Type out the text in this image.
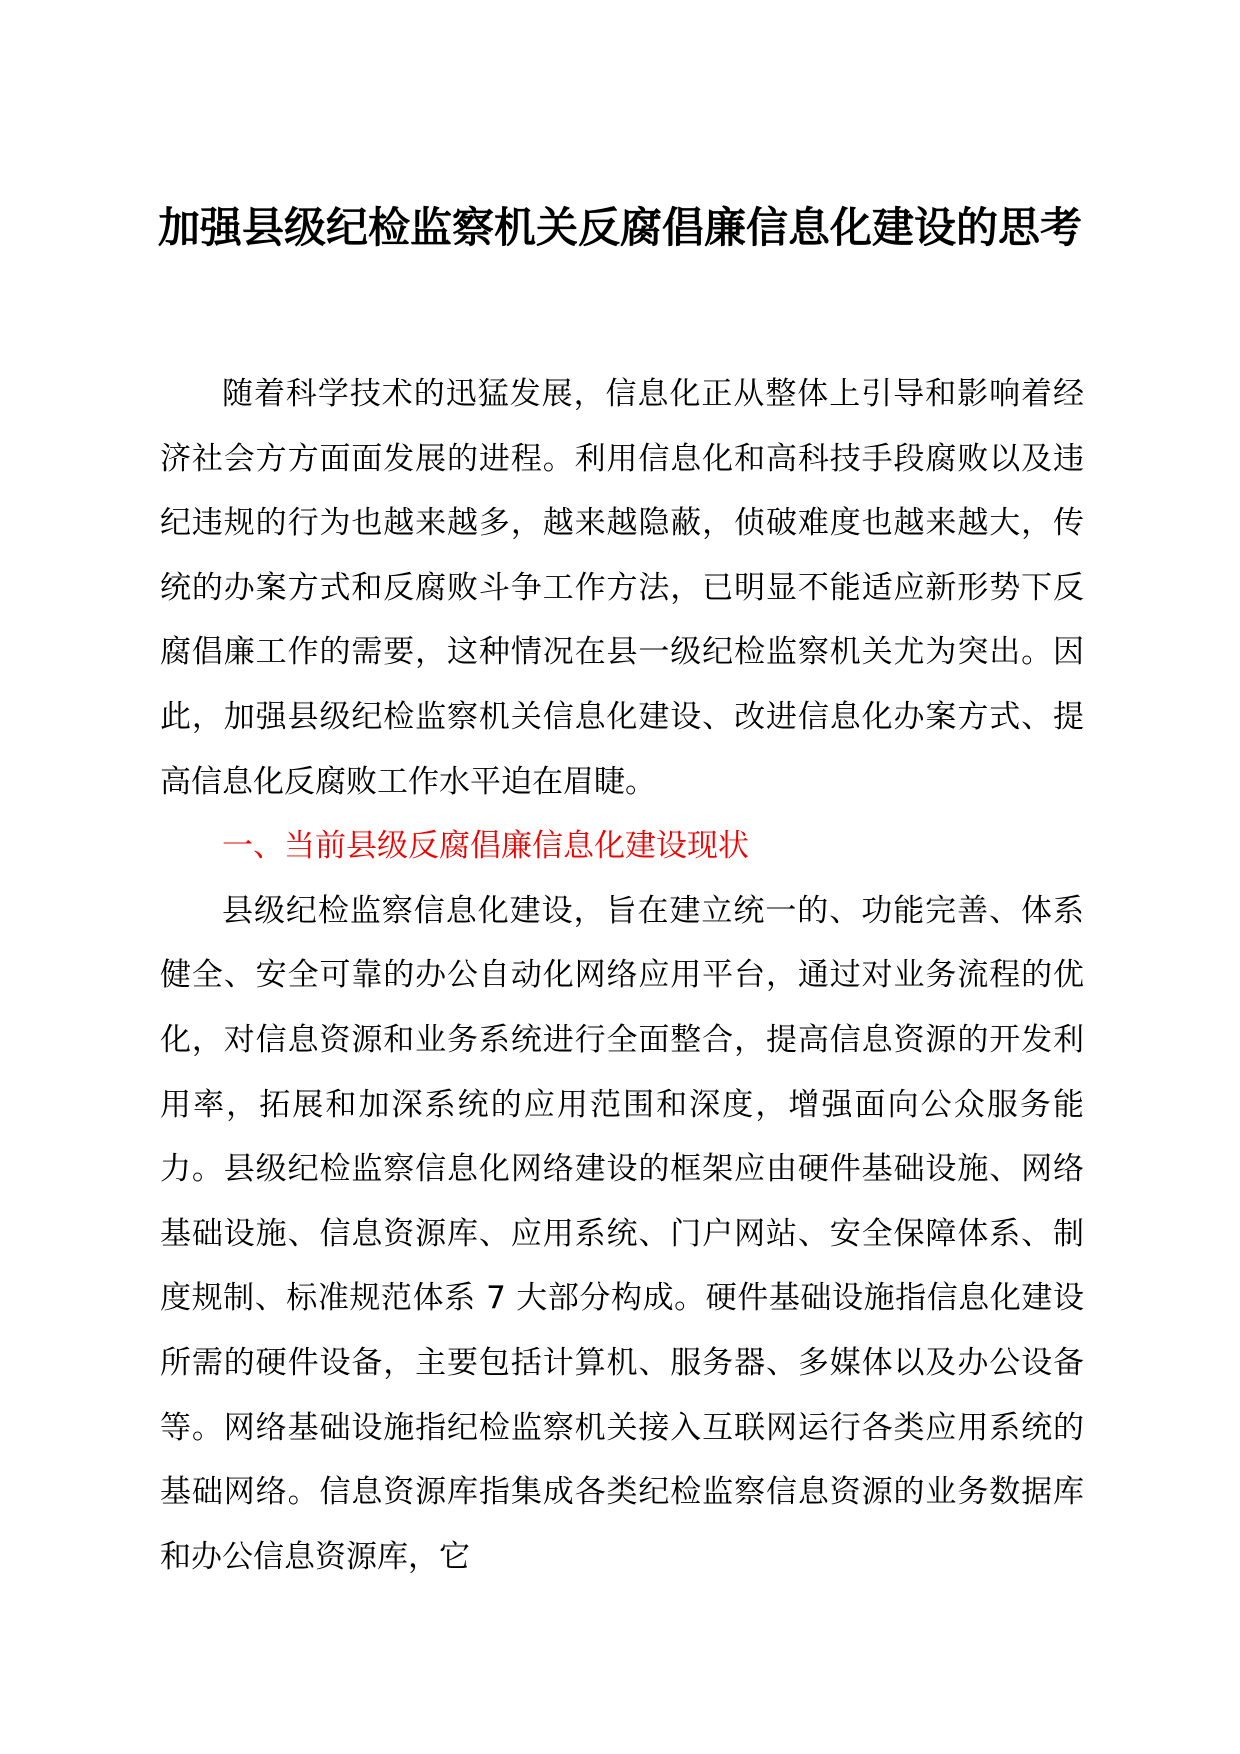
加强县级纪检监察机关反腐倡廉信息化建设的思考

随着科学技术的迅猛发展，信息化正从整体上引导和影响着经济社会方方面面发展的进程。利用信息化和高科技手段腐败以及违纪违规的行为也越来越多，越来越隐蔽，侦破难度也越来越大，传统的办案方式和反腐败斗争工作方法，已明显不能适应新形势下反腐倡廉工作的需要，这种情况在县一级纪检监察机关尤为突出。因此，加强县级纪检监察机关信息化建设、改进信息化办案方式、提高信息化反腐败工作水平迫在眉睫。

一、当前县级反腐倡廉信息化建设现状

县级纪检监察信息化建设，旨在建立统一的、功能完善、体系健全、安全可靠的办公自动化网络应用平台，通过对业务流程的优化，对信息资源和业务系统进行全面整合，提高信息资源的开发利用率，拓展和加深系统的应用范围和深度，增强面向公众服务能力。县级纪检监察信息化网络建设的框架应由硬件基础设施、网络基础设施、信息资源库、应用系统、门户网站、安全保障体系、制度规制、标准规范体系 7 大部分构成。硬件基础设施指信息化建设所需的硬件设备，主要包括计算机、服务器、多媒体以及办公设备等。网络基础设施指纪检监察机关接入互联网运行各类应用系统的基础网络。信息资源库指集成各类纪检监察信息资源的业务数据库和办公信息资源库，它
